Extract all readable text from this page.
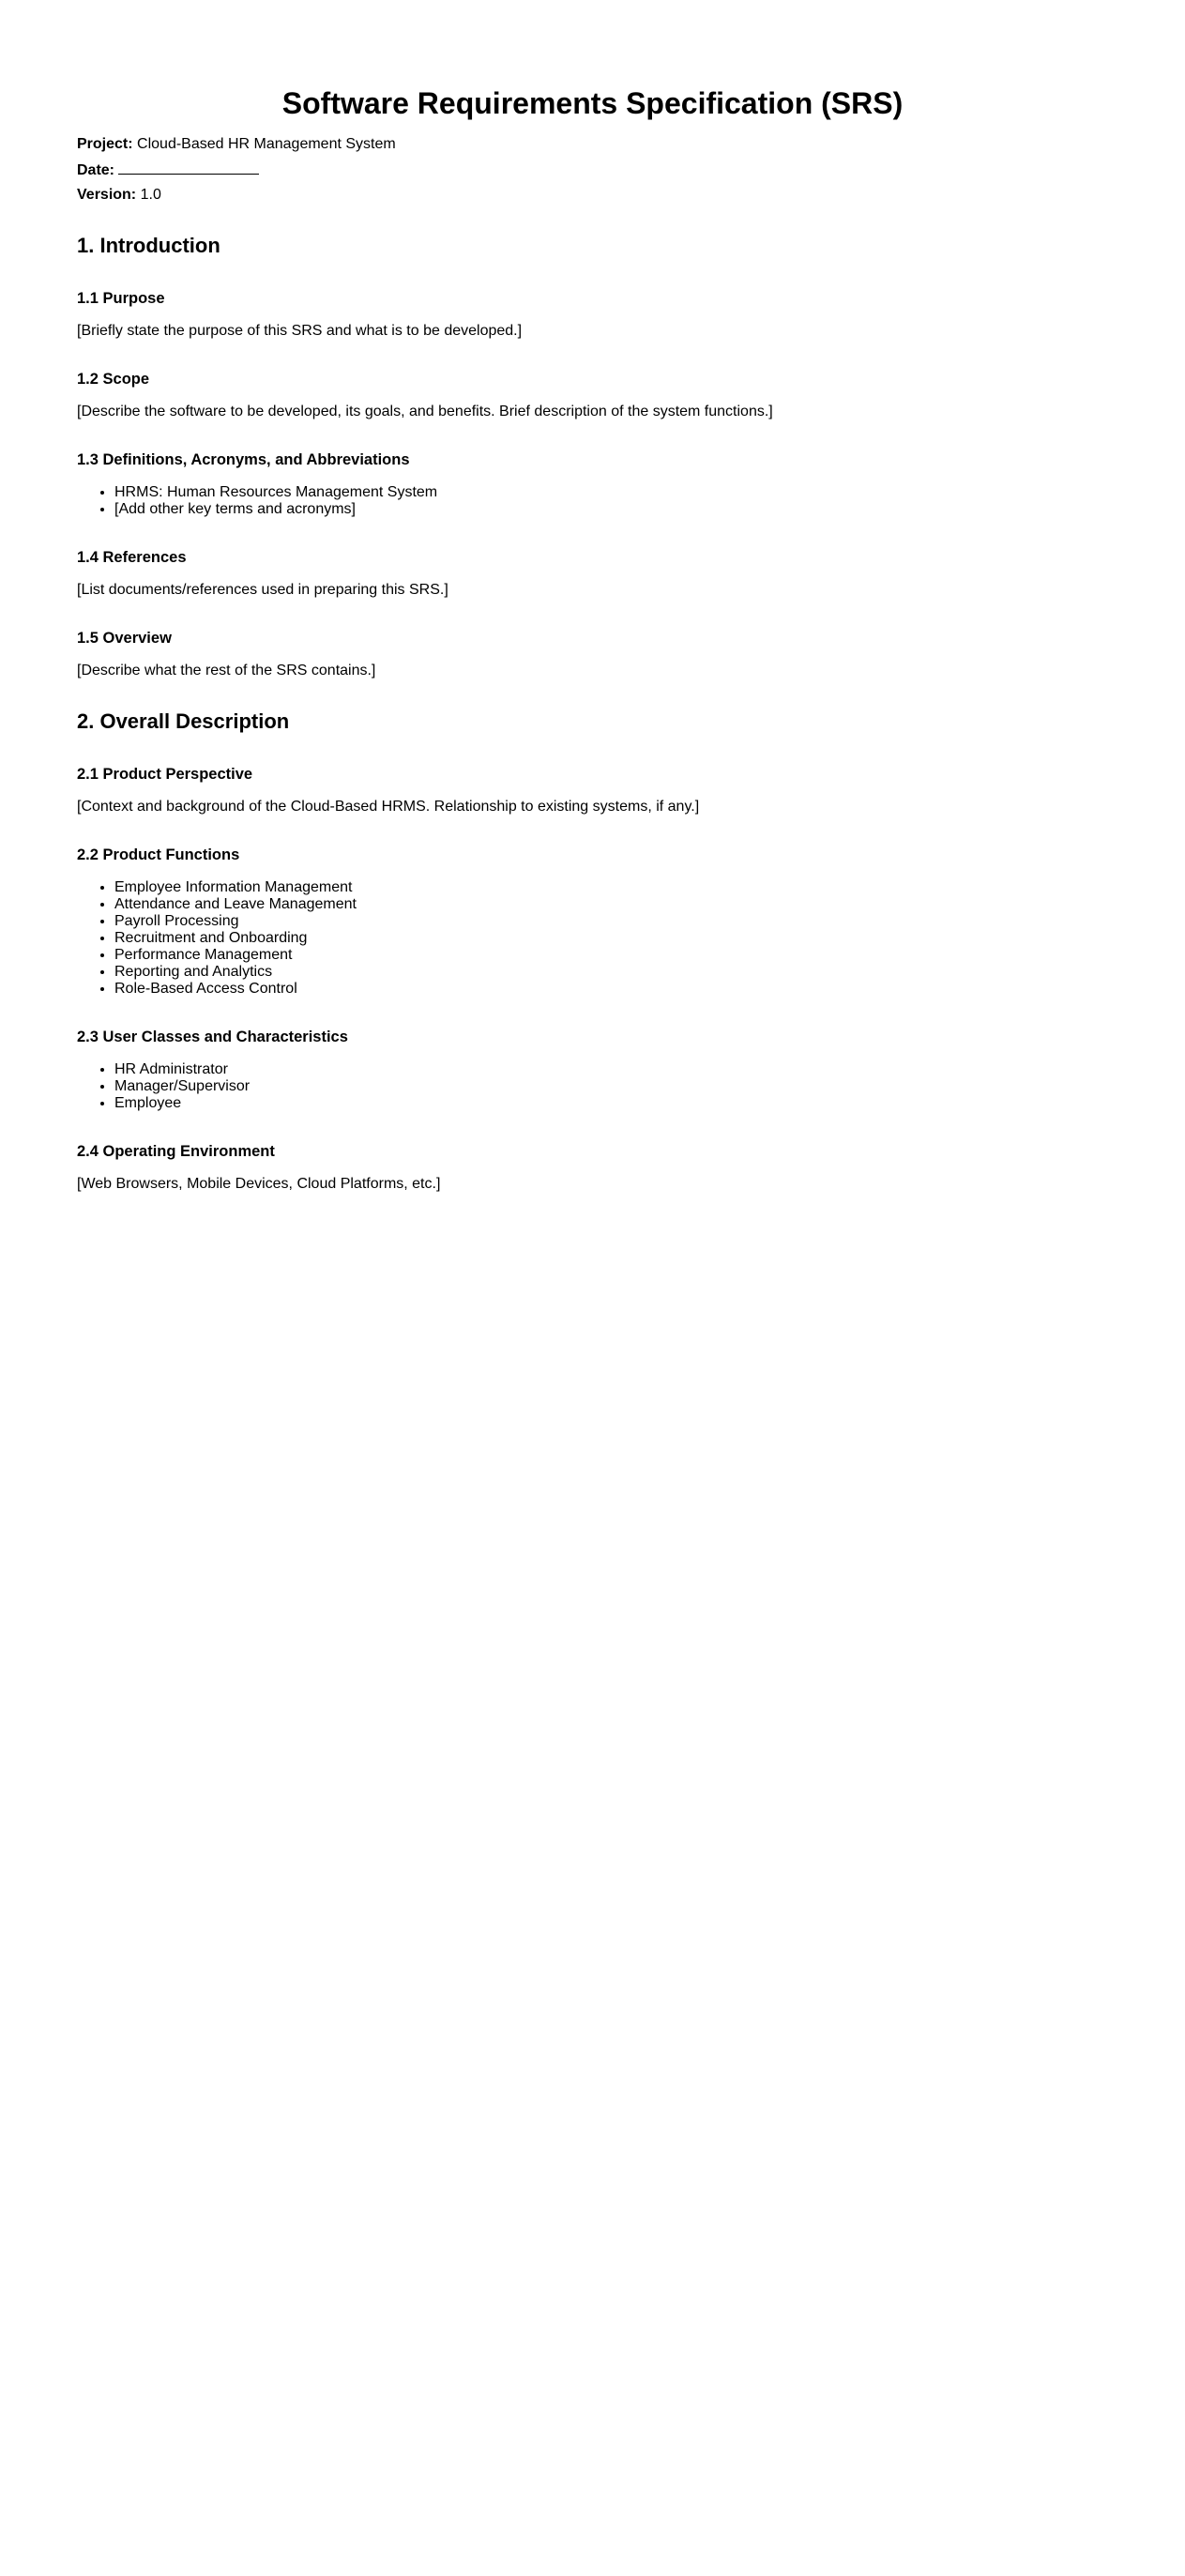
Software Requirements Specification (SRS)

Project: Cloud-Based HR Management System

Date:

Version: 1.0

1. Introduction
1.1 Purpose

[Briefly state the purpose of this SRS and what is to be developed.]

1.2 Scope

[Describe the software to be developed, its goals, and benefits. Brief description of the system functions.]

1.3 Definitions, Acronyms, and Abbreviations
• HRMS: Human Resources Management System
• [Add other key terms and acronyms]
1.4 References

[List documents/references used in preparing this SRS.]

1.5 Overview

[Describe what the rest of the SRS contains.]

2. Overall Description
2.1 Product Perspective

[Context and background of the Cloud-Based HRMS. Relationship to existing systems, if any.]

2.2 Product Functions
• Employee Information Management
• Attendance and Leave Management
• Payroll Processing
• Recruitment and Onboarding
• Performance Management
• Reporting and Analytics
• Role-Based Access Control
2.3 User Classes and Characteristics
• HR Administrator
• Manager/Supervisor
• Employee
2.4 Operating Environment

[Web Browsers, Mobile Devices, Cloud Platforms, etc.]
